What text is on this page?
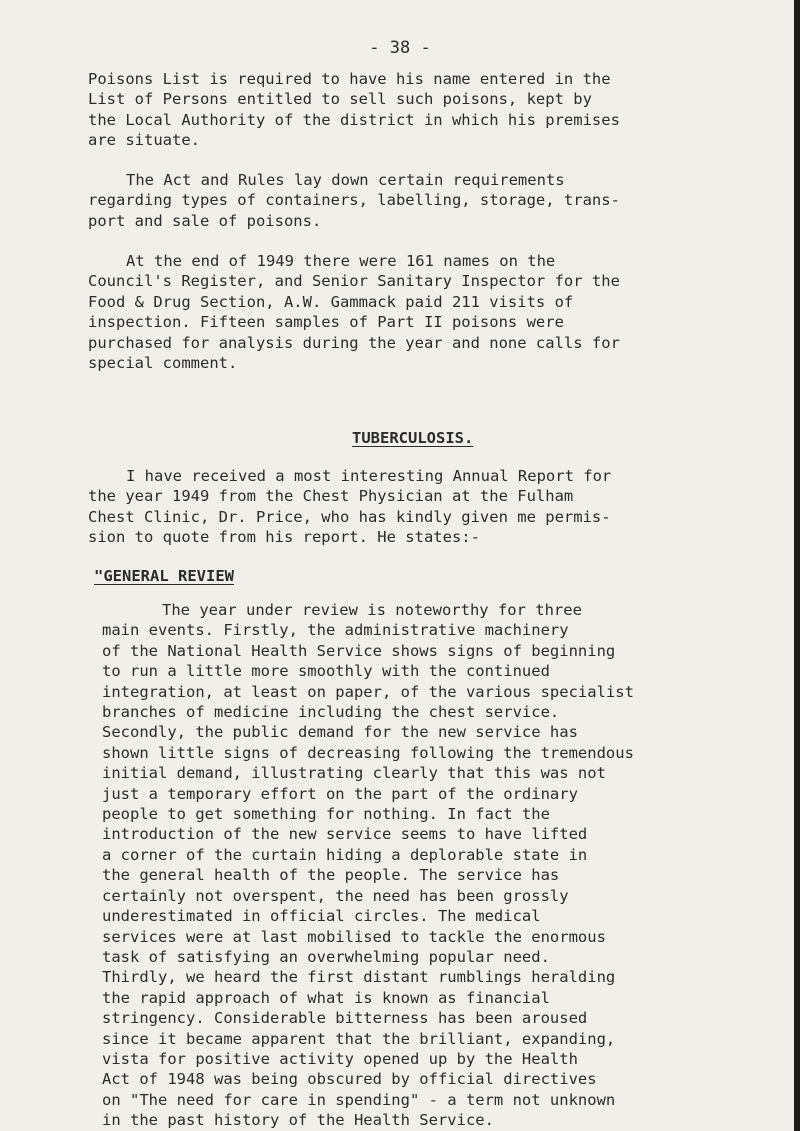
- 38 -

Poisons List is required to have his name entered in the
List of Persons entitled to sell such poisons, kept by
the Local Authority of the district in which his premises
are situate.

The Act and Rules lay down certain requirements
regarding types of containers, labelling, storage, trans-
port and sale of poisons.

At the end of 1949 there were 161 names on the
Council's Register, and Senior Sanitary Inspector for the
Food & Drug Section, A.W. Gammack paid 211 visits of
inspection. Fifteen samples of Part II poisons were
purchased for analysis during the year and none calls for
special comment.

TUBERCULOSIS.

I have received a most interesting Annual Report for
the year 1949 from the Chest Physician at the Fulham
Chest Clinic, Dr. Price, who has kindly given me permis-
sion to quote from his report. He states:-

"GENERAL REVIEW

The year under review is noteworthy for three
main events. Firstly, the administrative machinery
of the National Health Service shows signs of beginning
to run a little more smoothly with the continued
integration, at least on paper, of the various specialist
branches of medicine including the chest service.
Secondly, the public demand for the new service has
shown little signs of decreasing following the tremendous
initial demand, illustrating clearly that this was not
just a temporary effort on the part of the ordinary
people to get something for nothing. In fact the
introduction of the new service seems to have lifted
a corner of the curtain hiding a deplorable state in
the general health of the people. The service has
certainly not overspent, the need has been grossly
underestimated in official circles. The medical
services were at last mobilised to tackle the enormous
task of satisfying an overwhelming popular need.
Thirdly, we heard the first distant rumblings heralding
the rapid approach of what is known as financial
stringency. Considerable bitterness has been aroused
since it became apparent that the brilliant, expanding,
vista for positive activity opened up by the Health
Act of 1948 was being obscured by official directives
on "The need for care in spending" - a term not unknown
in the past history of the Health Service.
